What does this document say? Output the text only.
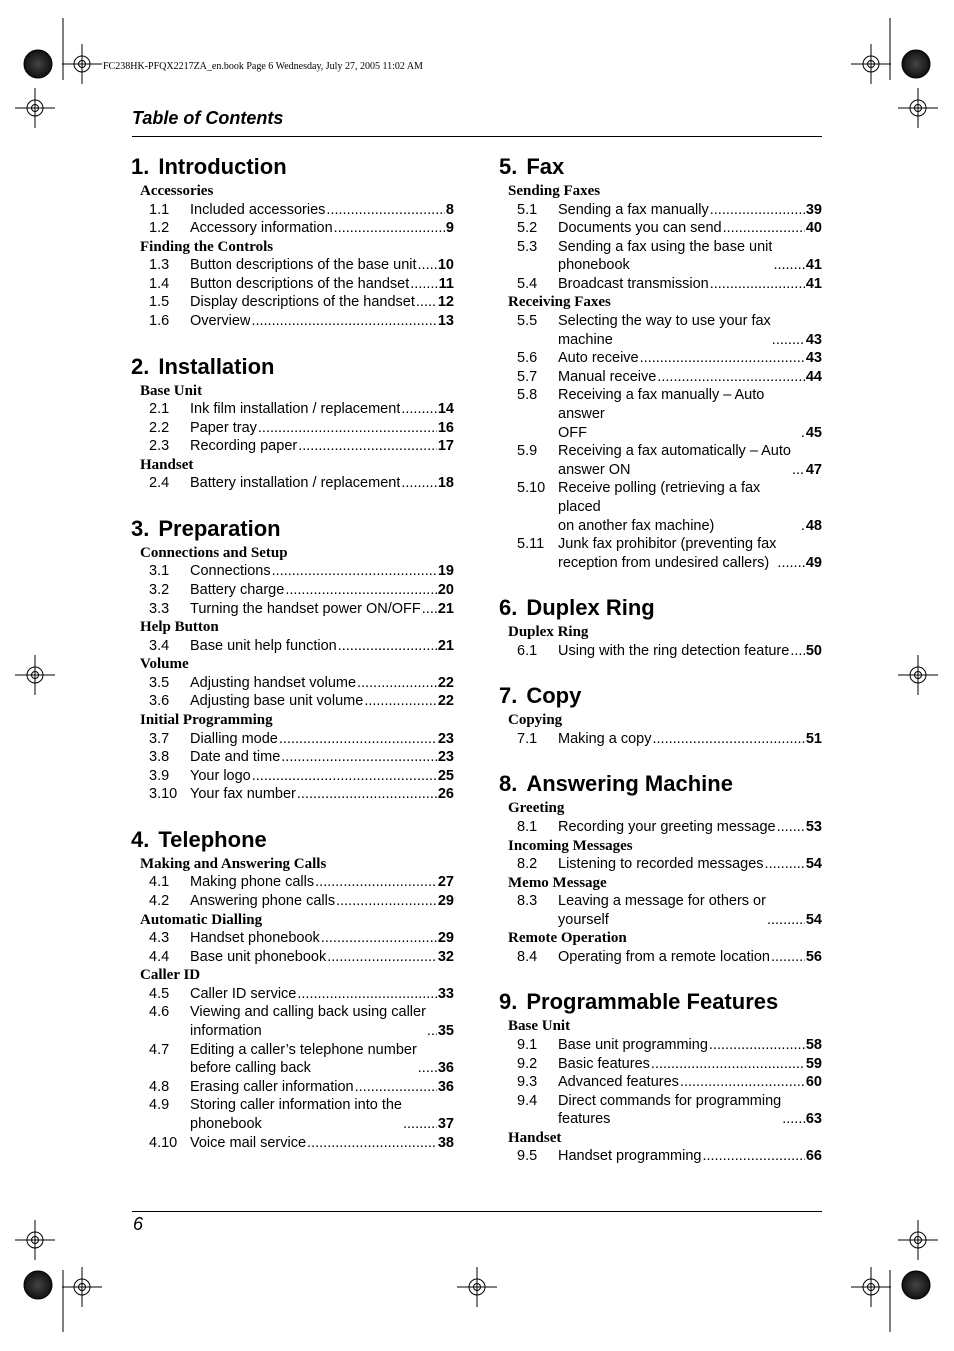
FC238HK-PFQX2217ZA_en.book Page 6 Wednesday, July 27, 2005 11:02 AM
Table of Contents
1. Introduction
Accessories
1.1	Included accessories .....	8
1.2	Accessory information .....	9
Finding the Controls
1.3	Button descriptions of the base unit ..... 10
1.4	Button descriptions of the handset ..... 11
1.5	Display descriptions of the handset ..... 12
1.6	Overview .....	13
2. Installation
Base Unit
2.1	Ink film installation / replacement .....	14
2.2	Paper tray .....	16
2.3	Recording paper .....	17
Handset
2.4	Battery installation / replacement .....	18
3. Preparation
Connections and Setup
3.1	Connections .....	19
3.2	Battery charge .....	20
3.3	Turning the handset power ON/OFF ..... 21
Help Button
3.4	Base unit help function .....	21
Volume
3.5	Adjusting handset volume .....	22
3.6	Adjusting base unit volume .....	22
Initial Programming
3.7	Dialling mode .....	23
3.8	Date and time .....	23
3.9	Your logo .....	25
3.10 Your fax number .....	26
4. Telephone
Making and Answering Calls
4.1	Making phone calls .....	27
4.2	Answering phone calls .....	29
Automatic Dialling
4.3	Handset phonebook .....	29
4.4	Base unit phonebook .....	32
Caller ID
4.5	Caller ID service .....	33
4.6	Viewing and calling back using caller
information .....	35
4.7	Editing a caller’s telephone number
before calling back .....	36
4.8	Erasing caller information .....	36
4.9	Storing caller information into the
phonebook .....	37
4.10 Voice mail service .....	38
5. Fax
Sending Faxes
5.1	Sending a fax manually .....	39
5.2	Documents you can send .....	40
5.3	Sending a fax using the base unit
phonebook .....	41
5.4	Broadcast transmission .....	41
Receiving Faxes
5.5	Selecting the way to use your fax
machine .....	43
5.6	Auto receive .....	43
5.7	Manual receive .....	44
5.8	Receiving a fax manually – Auto answer
OFF .....	45
5.9	Receiving a fax automatically – Auto
answer ON .....	47
5.10 Receive polling (retrieving a fax placed
on another fax machine) .....	48
5.11 Junk fax prohibitor (preventing fax
reception from undesired callers) .....	49
6. Duplex Ring
Duplex Ring
6.1	Using with the ring detection feature ..... 50
7. Copy
Copying
7.1	Making a copy .....	51
8. Answering Machine
Greeting
8.1	Recording your greeting message ..... 53
Incoming Messages
8.2	Listening to recorded messages .....	54
Memo Message
8.3	Leaving a message for others or
yourself .....	54
Remote Operation
8.4	Operating from a remote location ..... 56
9. Programmable Features
Base Unit
9.1	Base unit programming .....	58
9.2	Basic features .....	59
9.3	Advanced features .....	60
9.4	Direct commands for programming
features .....	63
Handset
9.5	Handset programming .....	66
6
